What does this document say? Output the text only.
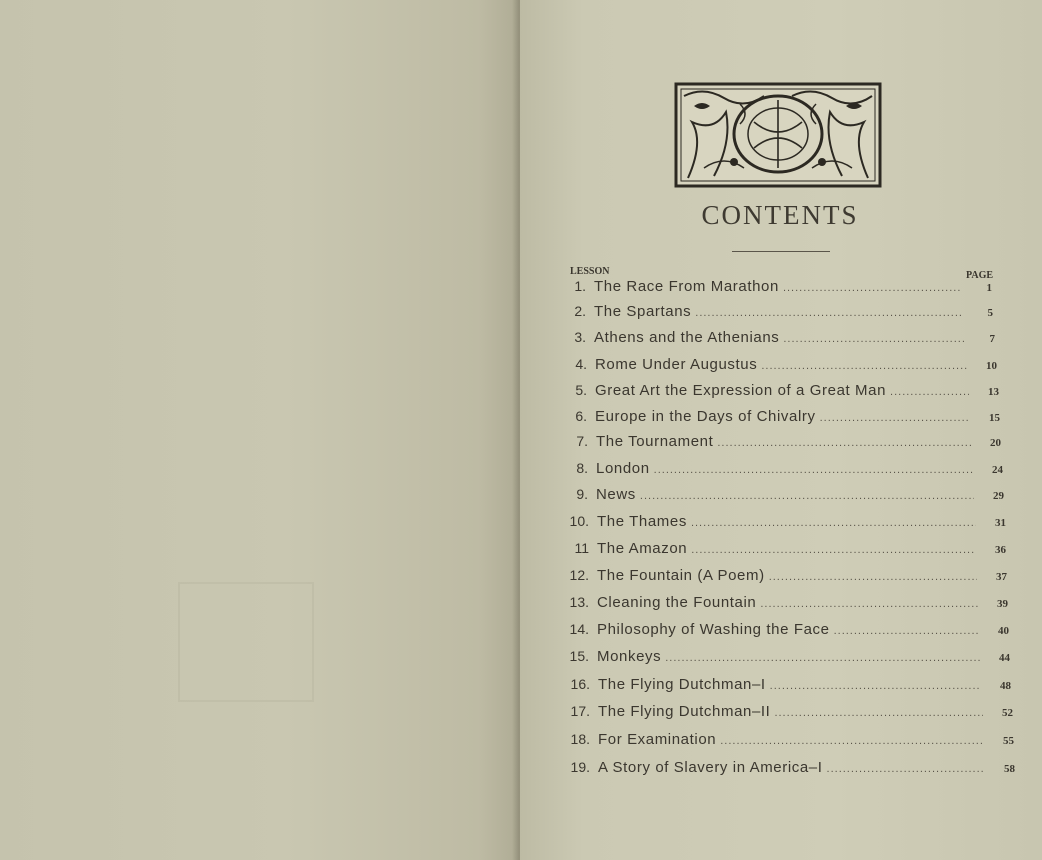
CONTENTS
LESSON	PAGE
1. The Race From Marathon .....	1
2. The Spartans .....	5
3. Athens and the Athenians .....	7
4. Rome Under Augustus .....	10
5. Great Art the Expression of a Great Man .....	13
6. Europe in the Days of Chivalry .....	15
7. The Tournament .....	20
8. London .....	24
9. News .....	29
10. The Thames .....	31
11 The Amazon .....	36
12. The Fountain (A Poem) .....	37
13. Cleaning the Fountain .....	39
14. Philosophy of Washing the Face .....	40
15. Monkeys .....	44
16. The Flying Dutchman–I .....	48
17. The Flying Dutchman–II .....	52
18. For Examination .....	55
19. A Story of Slavery in America–I .....	58
